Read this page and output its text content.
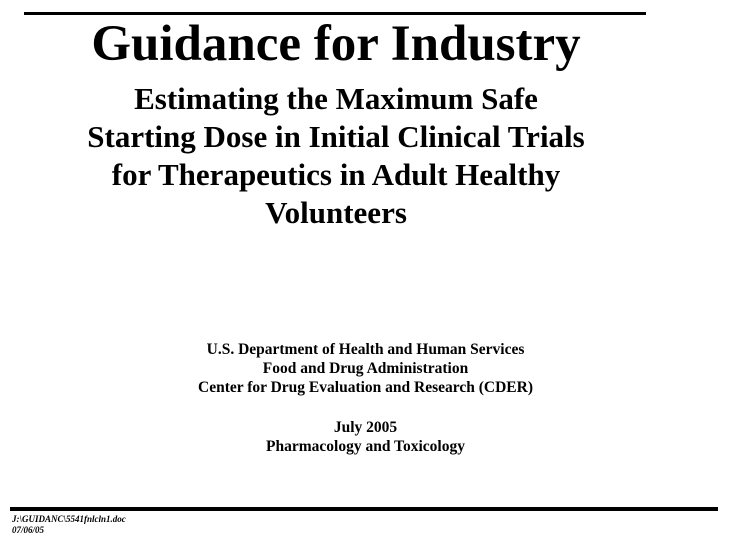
Guidance for Industry
Estimating the Maximum Safe
Starting Dose in Initial Clinical Trials
for Therapeutics in Adult Healthy
Volunteers
U.S. Department of Health and Human Services
Food and Drug Administration
Center for Drug Evaluation and Research (CDER)
July 2005
Pharmacology and Toxicology
J:\GUIDANC\5541fnlcln1.doc
07/06/05
